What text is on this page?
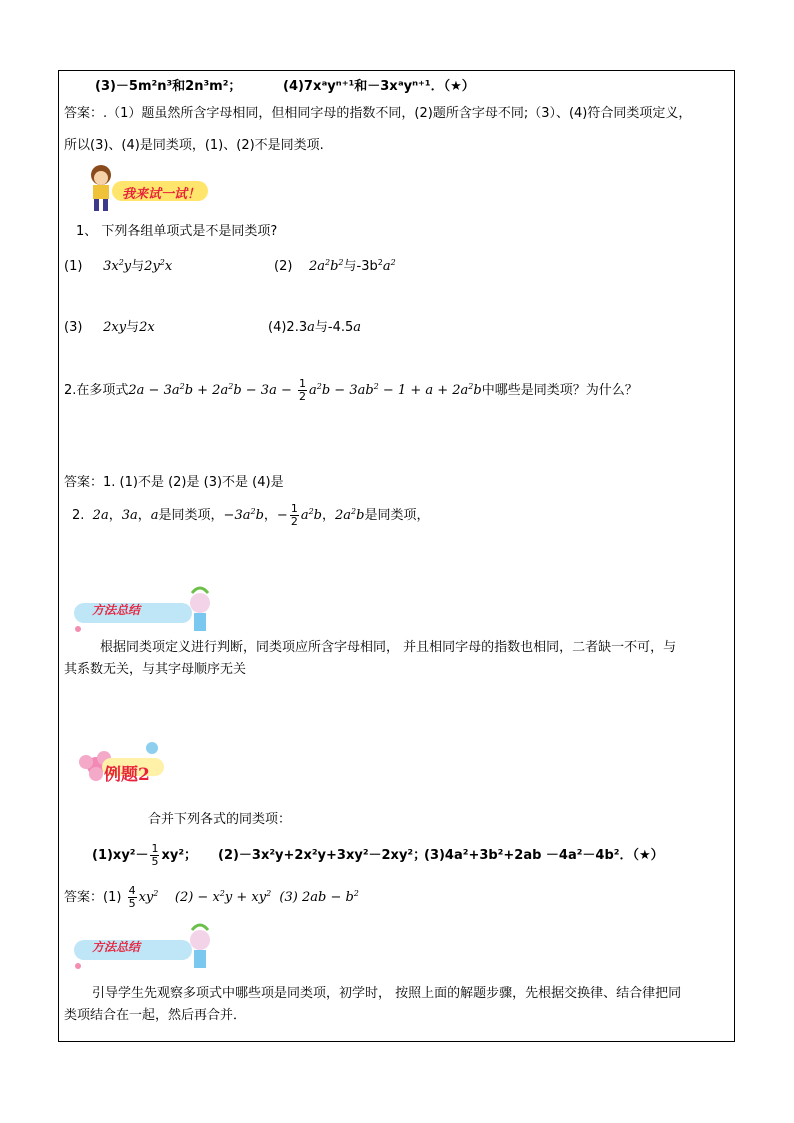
(3)－5m²n³和2n³m²；	(4)7xᵃyⁿ⁺¹和－3xᵃyⁿ⁺¹．（★）
答案：.（1）题虽然所含字母相同，但相同字母的指数不同，(2)题所含字母不同;（3）、(4)符合同类项定义，
所以(3)、(4)是同类项，(1)、(2)不是同类项.
我来试一试！
1、 下列各组单项式是不是同类项?
(1) $3x^2y$与$2y^2x$	(2) $2a^2b^2$与$-3b^2a^2$
(3) 2xy与2x	(4)2.3a与-4.5a
2.在多项式$2a - 3a^2b + 2a^2b - 3a - \frac{1}{2} a^2b - 3ab^2 - 1 + a + 2a^2b$中哪些是同类项？为什么？
答案：1. (1)不是 (2)是 (3)不是 (4)是
2. 2a，3a，a是同类项，$-3a^2b$，− $\frac{1}{2} a^2b$，$2a^2b$是同类项，
方法总结
根据同类项定义进行判断，同类项应所含字母相同， 并且相同字母的指数也相同，二者缺一不可，与
其系数无关，与其字母顺序无关
例题2
合并下列各式的同类项：
$(1)xy^2- \frac{1}{5} xy^2$； (2)－3x²y+2x²y+3xy²－2xy²；
(3)4a²+3b²+2ab －4a²－4b²．（★）
答案：$(1) \frac{4}{5} xy^2$ $(2) - x^2y + xy^2$ (3) $2ab - b^2$
方法总结
引导学生先观察多项式中哪些项是同类项，初学时， 按照上面的解题步骤，先根据交换律、结合律把同
类项结合在一起，然后再合并．
